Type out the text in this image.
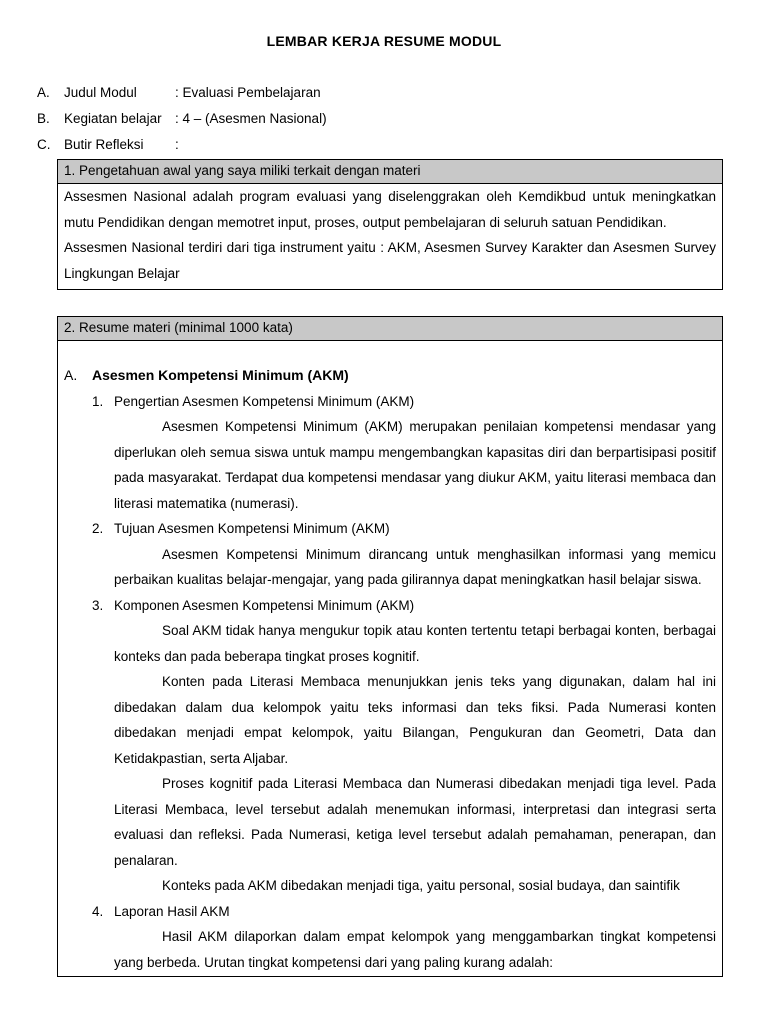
LEMBAR KERJA RESUME MODUL
A. Judul Modul	: Evaluasi Pembelajaran
B. Kegiatan belajar : 4 – (Asesmen Nasional)
C. Butir Refleksi :
1. Pengetahuan awal yang saya miliki terkait dengan materi

Assesmen Nasional adalah program evaluasi yang diselenggrakan oleh Kemdikbud untuk meningkatkan mutu Pendidikan dengan memotret input, proses, output pembelajaran di seluruh satuan Pendidikan.

Assesmen Nasional terdiri dari tiga instrument yaitu : AKM, Asesmen Survey Karakter dan Asesmen Survey Lingkungan Belajar

2. Resume materi (minimal 1000 kata)
A.	Asesmen Kompetensi Minimum (AKM)
1. Pengertian Asesmen Kompetensi Minimum (AKM)

Asesmen Kompetensi Minimum (AKM) merupakan penilaian kompetensi mendasar yang diperlukan oleh semua siswa untuk mampu mengembangkan kapasitas diri dan berpartisipasi positif pada masyarakat. Terdapat dua kompetensi mendasar yang diukur AKM, yaitu literasi membaca dan literasi matematika (numerasi).

2. Tujuan Asesmen Kompetensi Minimum (AKM)

Asesmen Kompetensi Minimum dirancang untuk menghasilkan informasi yang memicu perbaikan kualitas belajar-mengajar, yang pada gilirannya dapat meningkatkan hasil belajar siswa.

3. Komponen Asesmen Kompetensi Minimum (AKM)

Soal AKM tidak hanya mengukur topik atau konten tertentu tetapi berbagai konten, berbagai konteks dan pada beberapa tingkat proses kognitif.

Konten pada Literasi Membaca menunjukkan jenis teks yang digunakan, dalam hal ini dibedakan dalam dua kelompok yaitu teks informasi dan teks fiksi. Pada Numerasi konten dibedakan menjadi empat kelompok, yaitu Bilangan, Pengukuran dan Geometri, Data dan Ketidakpastian, serta Aljabar.

Proses kognitif pada Literasi Membaca dan Numerasi dibedakan menjadi tiga level. Pada Literasi Membaca, level tersebut adalah menemukan informasi, interpretasi dan integrasi serta evaluasi dan refleksi. Pada Numerasi, ketiga level tersebut adalah pemahaman, penerapan, dan penalaran.

Konteks pada AKM dibedakan menjadi tiga, yaitu personal, sosial budaya, dan saintifik

4. Laporan Hasil AKM

Hasil AKM dilaporkan dalam empat kelompok yang menggambarkan tingkat kompetensi yang berbeda. Urutan tingkat kompetensi dari yang paling kurang adalah:
